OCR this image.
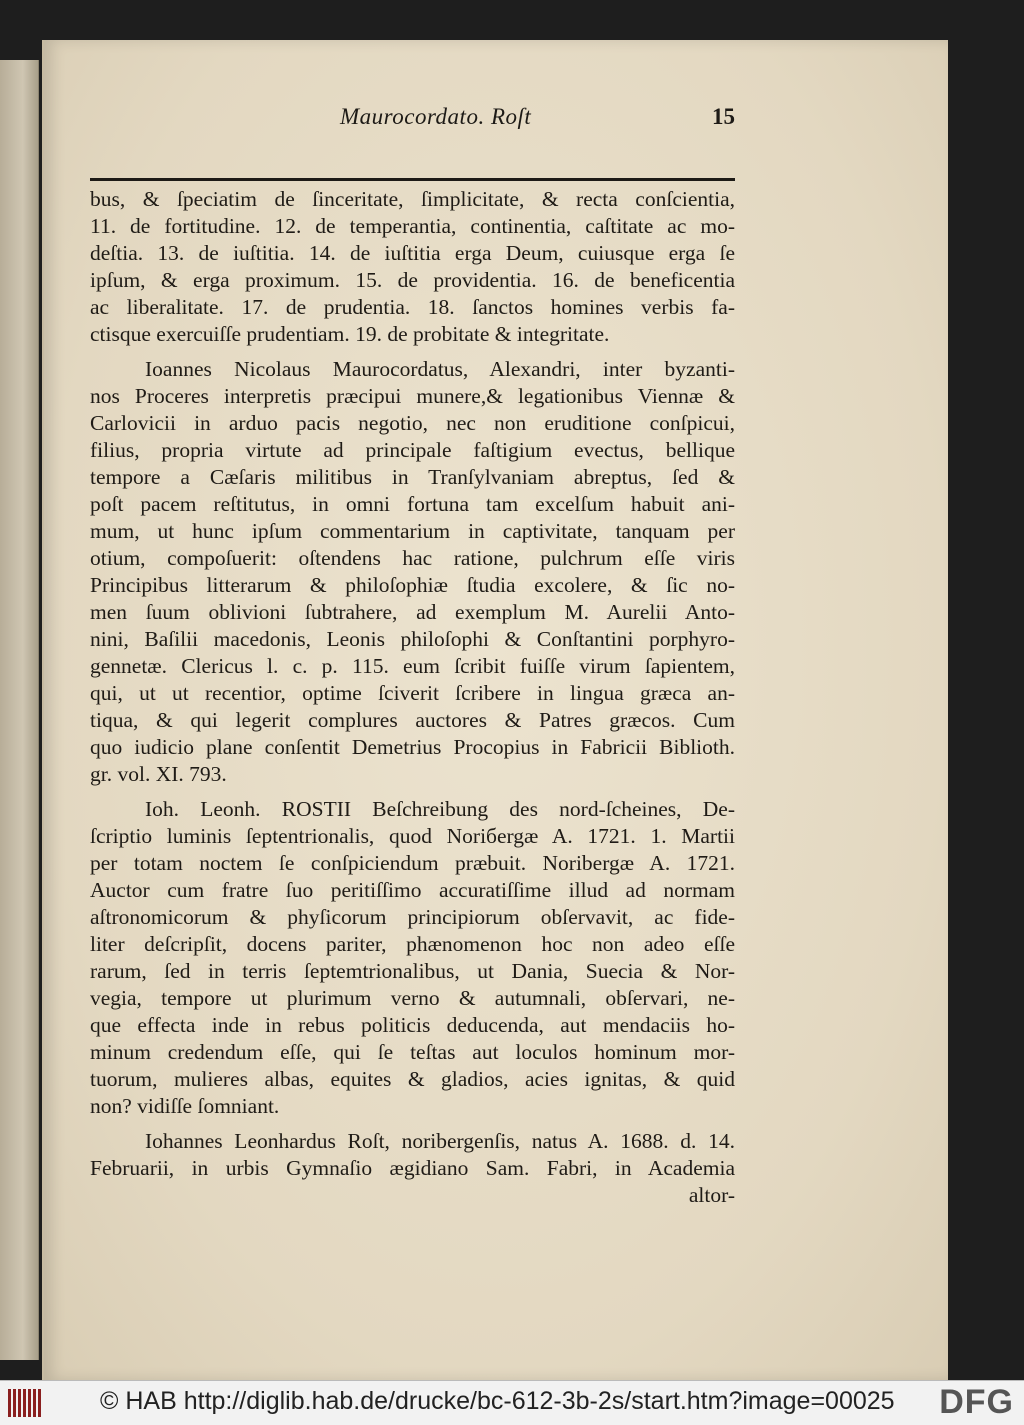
Maurocordato. Roſt	15
bus, & ſpeciatim de ſinceritate, ſimplicitate, & recta conſcientia,
11. de fortitudine. 12. de temperantia, continentia, caſtitate ac mo-
deſtia. 13. de iuſtitia. 14. de iuſtitia erga Deum, cuiusque erga ſe
ipſum, & erga proximum. 15. de providentia. 16. de beneficentia
ac liberalitate. 17. de prudentia. 18. ſanctos homines verbis fa-
ctisque exercuiſſe prudentiam. 19. de probitate & integritate.
Ioannes Nicolaus Maurocordatus, Alexandri, inter byzanti-
nos Proceres interpretis præcipui munere,& legationibus Viennæ &
Carlovicii in arduo pacis negotio, nec non eruditione conſpicui,
filius, propria virtute ad principale faſtigium evectus, bellique
tempore a Cæſaris militibus in Tranſylvaniam abreptus, ſed &
poſt pacem reſtitutus, in omni fortuna tam excelſum habuit ani-
mum, ut hunc ipſum commentarium in captivitate, tanquam per
otium, compoſuerit: oſtendens hac ratione, pulchrum eſſe viris
Principibus litterarum & philoſophiæ ſtudia excolere, & ſic no-
men ſuum oblivioni ſubtrahere, ad exemplum M. Aurelii Anto-
nini, Baſilii macedonis, Leonis philoſophi & Conſtantini porphyro-
gennetæ. Clericus l. c. p. 115. eum ſcribit fuiſſe virum ſapientem,
qui, ut ut recentior, optime ſciverit ſcribere in lingua græca an-
tiqua, & qui legerit complures auctores & Patres græcos. Cum
quo iudicio plane conſentit Demetrius Procopius in Fabricii Biblioth.
gr. vol. XI. 793.
Ioh. Leonh. ROSTII Beſchreibung des nord-ſcheines, De-
ſcriptio luminis ſeptentrionalis, quod Norібergæ A. 1721. 1. Martii
per totam noctem ſe conſpiciendum præbuit. Noribergæ A. 1721.
Auctor cum fratre ſuo peritiſſimo accuratiſſime illud ad normam
aſtronomicorum & phyſicorum principiorum obſervavit, ac fide-
liter deſcripſit, docens pariter, phænomenon hoc non adeo eſſe
rarum, ſed in terris ſeptemtrionalibus, ut Dania, Suecia & Nor-
vegia, tempore ut plurimum verno & autumnali, obſervari, ne-
que effecta inde in rebus politicis deducenda, aut mendaciis ho-
minum credendum eſſe, qui ſe teſtas aut loculos hominum mor-
tuorum, mulieres albas, equites & gladios, acies ignitas, & quid
non? vidiſſe ſomniant.
Iohannes Leonhardus Roſt, noribergenſis, natus A. 1688. d. 14.
Februarii, in urbis Gymnaſio ægidiano Sam. Fabri, in Academia
altor-
© HAB http://diglib.hab.de/drucke/bc-612-3b-2s/start.htm?image=00025 DFG
